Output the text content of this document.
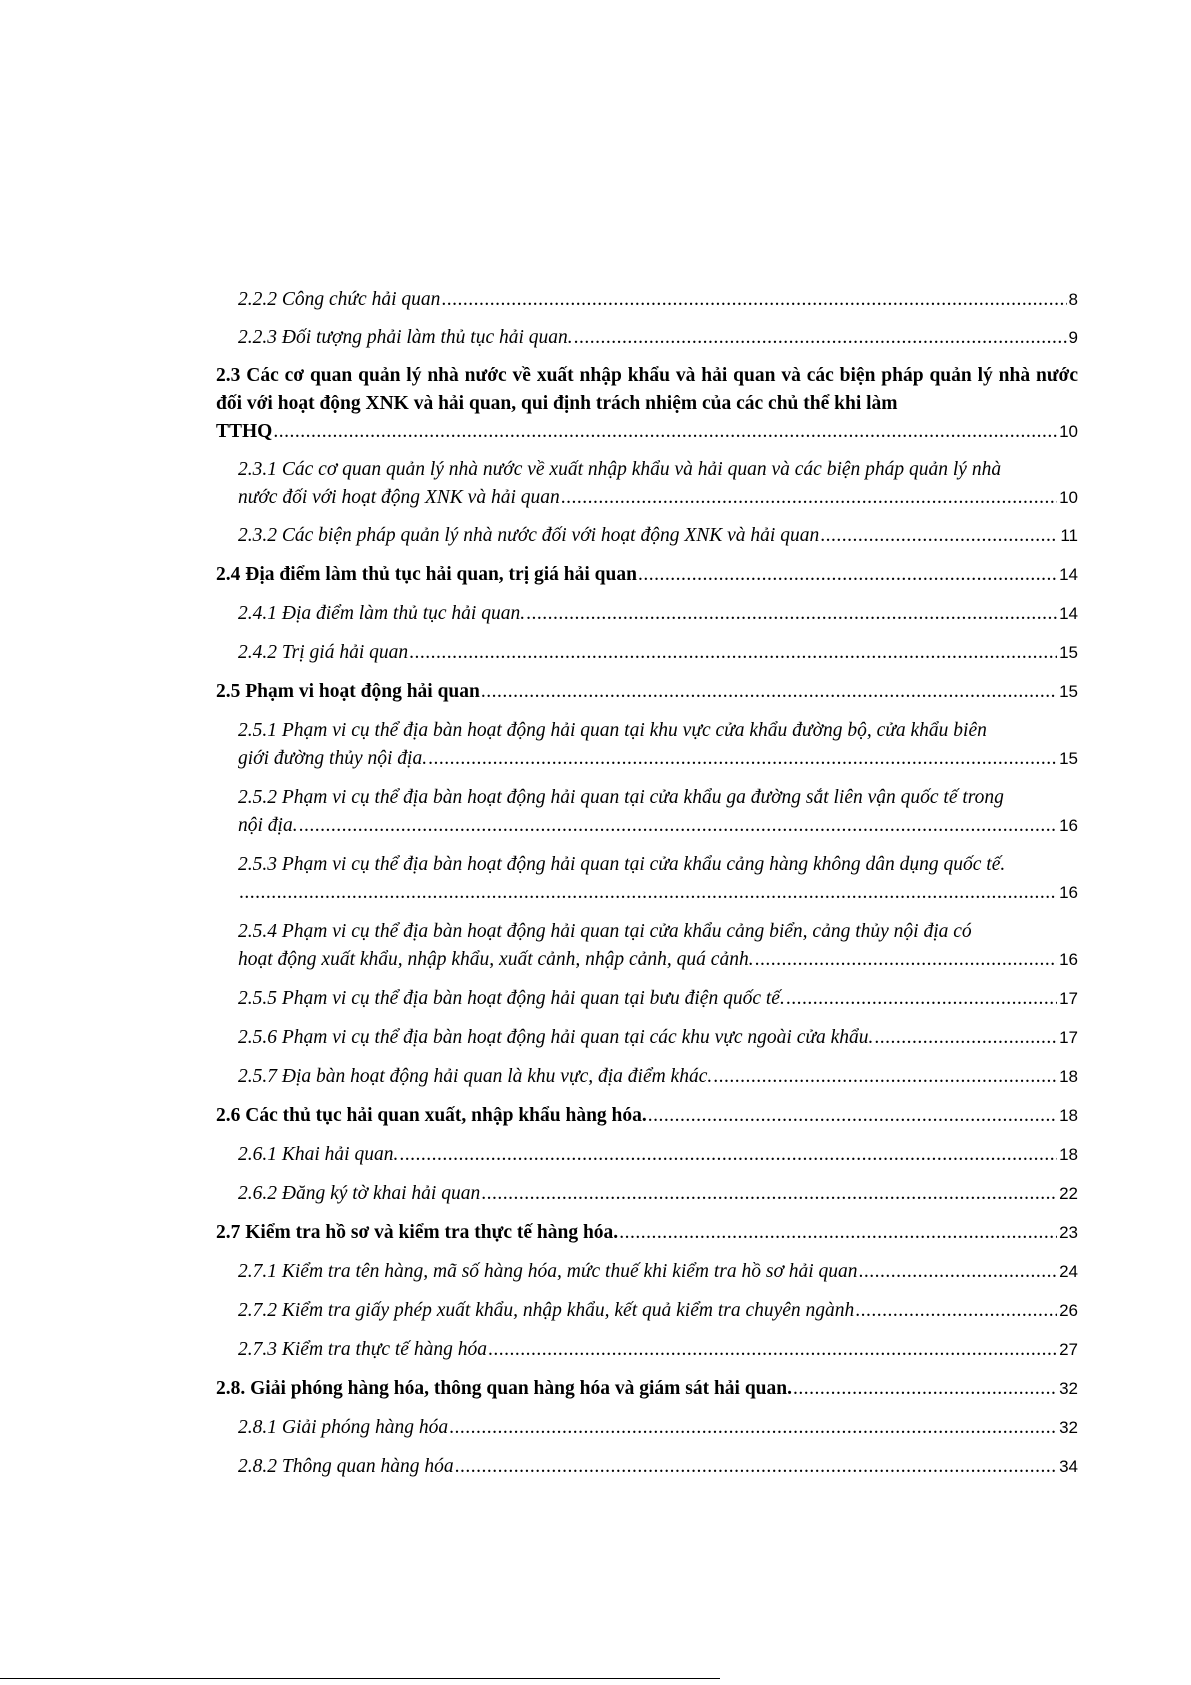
2.2.2 Công chức hải quan .....	8
2.2.3 Đối tượng phải làm thủ tục hải quan. .....	9
2.3 Các cơ quan quản lý nhà nước về xuất nhập khẩu và hải quan và các biện pháp quản lý nhà nước đối với hoạt động XNK và hải quan, qui định trách nhiệm của các chủ thể khi làm
TTHQ .....	10
2.3.1 Các cơ quan quản lý nhà nước về xuất nhập khẩu và hải quan và các biện pháp quản lý nhà
nước đối với hoạt động XNK và hải quan .....	10
2.3.2 Các biện pháp quản lý nhà nước đối với hoạt động XNK và hải quan .....	11
2.4 Địa điểm làm thủ tục hải quan, trị giá hải quan .....	14
2.4.1 Địa điểm làm thủ tục hải quan. .....	14
2.4.2 Trị giá hải quan .....	15
2.5 Phạm vi hoạt động hải quan .....	15
2.5.1 Phạm vi cụ thể địa bàn hoạt động hải quan tại khu vực cửa khẩu đường bộ, cửa khẩu biên
giới đường thủy nội địa. .....	15
2.5.2 Phạm vi cụ thể địa bàn hoạt động hải quan tại cửa khẩu ga đường sắt liên vận quốc tế trong
nội địa. .....	16
2.5.3 Phạm vi cụ thể địa bàn hoạt động hải quan tại cửa khẩu cảng hàng không dân dụng quốc tế.
.....
16
2.5.4 Phạm vi cụ thể địa bàn hoạt động hải quan tại cửa khẩu cảng biển, cảng thủy nội địa có
hoạt động xuất khẩu, nhập khẩu, xuất cảnh, nhập cảnh, quá cảnh. .....	16
2.5.5 Phạm vi cụ thể địa bàn hoạt động hải quan tại bưu điện quốc tế. .....	17
2.5.6 Phạm vi cụ thể địa bàn hoạt động hải quan tại các khu vực ngoài cửa khẩu. .....	17
2.5.7 Địa bàn hoạt động hải quan là khu vực, địa điểm khác. .....	18
2.6 Các thủ tục hải quan xuất, nhập khẩu hàng hóa. .....	18
2.6.1 Khai hải quan. .....	18
2.6.2 Đăng ký tờ khai hải quan .....	22
2.7 Kiểm tra hồ sơ và kiểm tra thực tế hàng hóa. .....	23
2.7.1 Kiểm tra tên hàng, mã số hàng hóa, mức thuế khi kiểm tra hồ sơ hải quan .....	24
2.7.2 Kiểm tra giấy phép xuất khẩu, nhập khẩu, kết quả kiểm tra chuyên ngành .....	26
2.7.3 Kiểm tra thực tế hàng hóa .....	27
2.8. Giải phóng hàng hóa, thông quan hàng hóa và giám sát hải quan. .....	32
2.8.1 Giải phóng hàng hóa .....	32
2.8.2 Thông quan hàng hóa .....	34
